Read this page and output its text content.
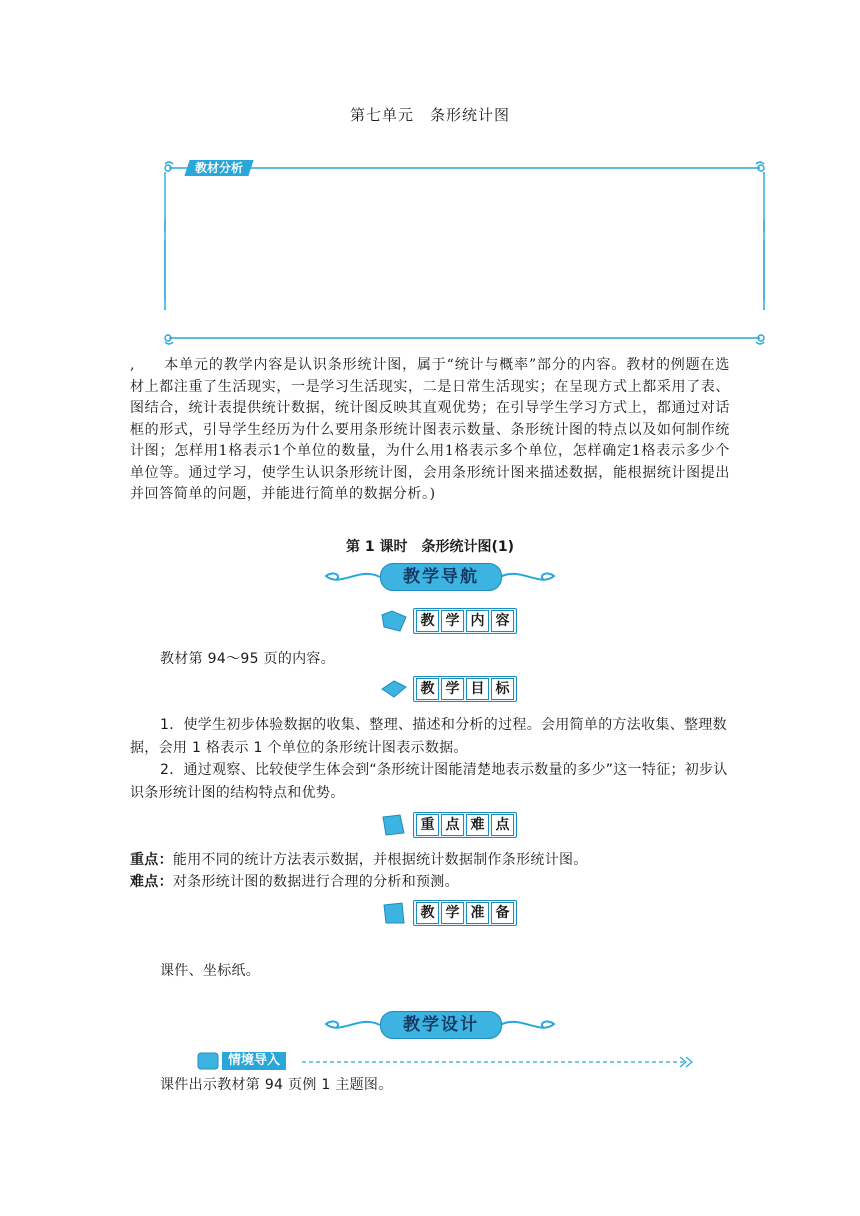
第七单元　条形统计图
教材分析
, 本单元的教学内容是认识条形统计图，属于“统计与概率”部分的内容。教材的例题在选材上都注重了生活现实，一是学习生活现实，二是日常生活现实；在呈现方式上都采用了表、图结合，统计表提供统计数据，统计图反映其直观优势；在引导学生学习方式上，都通过对话框的形式，引导学生经历为什么要用条形统计图表示数量、条形统计图的特点以及如何制作统计图；怎样用1格表示1个单位的数量，为什么用1格表示多个单位，怎样确定1格表示多少个单位等。通过学习，使学生认识条形统计图，会用条形统计图来描述数据，能根据统计图提出并回答简单的问题，并能进行简单的数据分析。)
第 1 课时　条形统计图(1)
教学导航
教 学 内 容
教材第 94～95 页的内容。
教 学 目 标
1．使学生初步体验数据的收集、整理、描述和分析的过程。会用简单的方法收集、整理数据，会用 1 格表示 1 个单位的条形统计图表示数据。
2．通过观察、比较使学生体会到“条形统计图能清楚地表示数量的多少”这一特征；初步认识条形统计图的结构特点和优势。
重 点 难 点
重点：能用不同的统计方法表示数据，并根据统计数据制作条形统计图。
难点：对条形统计图的数据进行合理的分析和预测。
教 学 准 备
课件、坐标纸。
教学设计
情境导入
课件出示教材第 94 页例 1 主题图。
